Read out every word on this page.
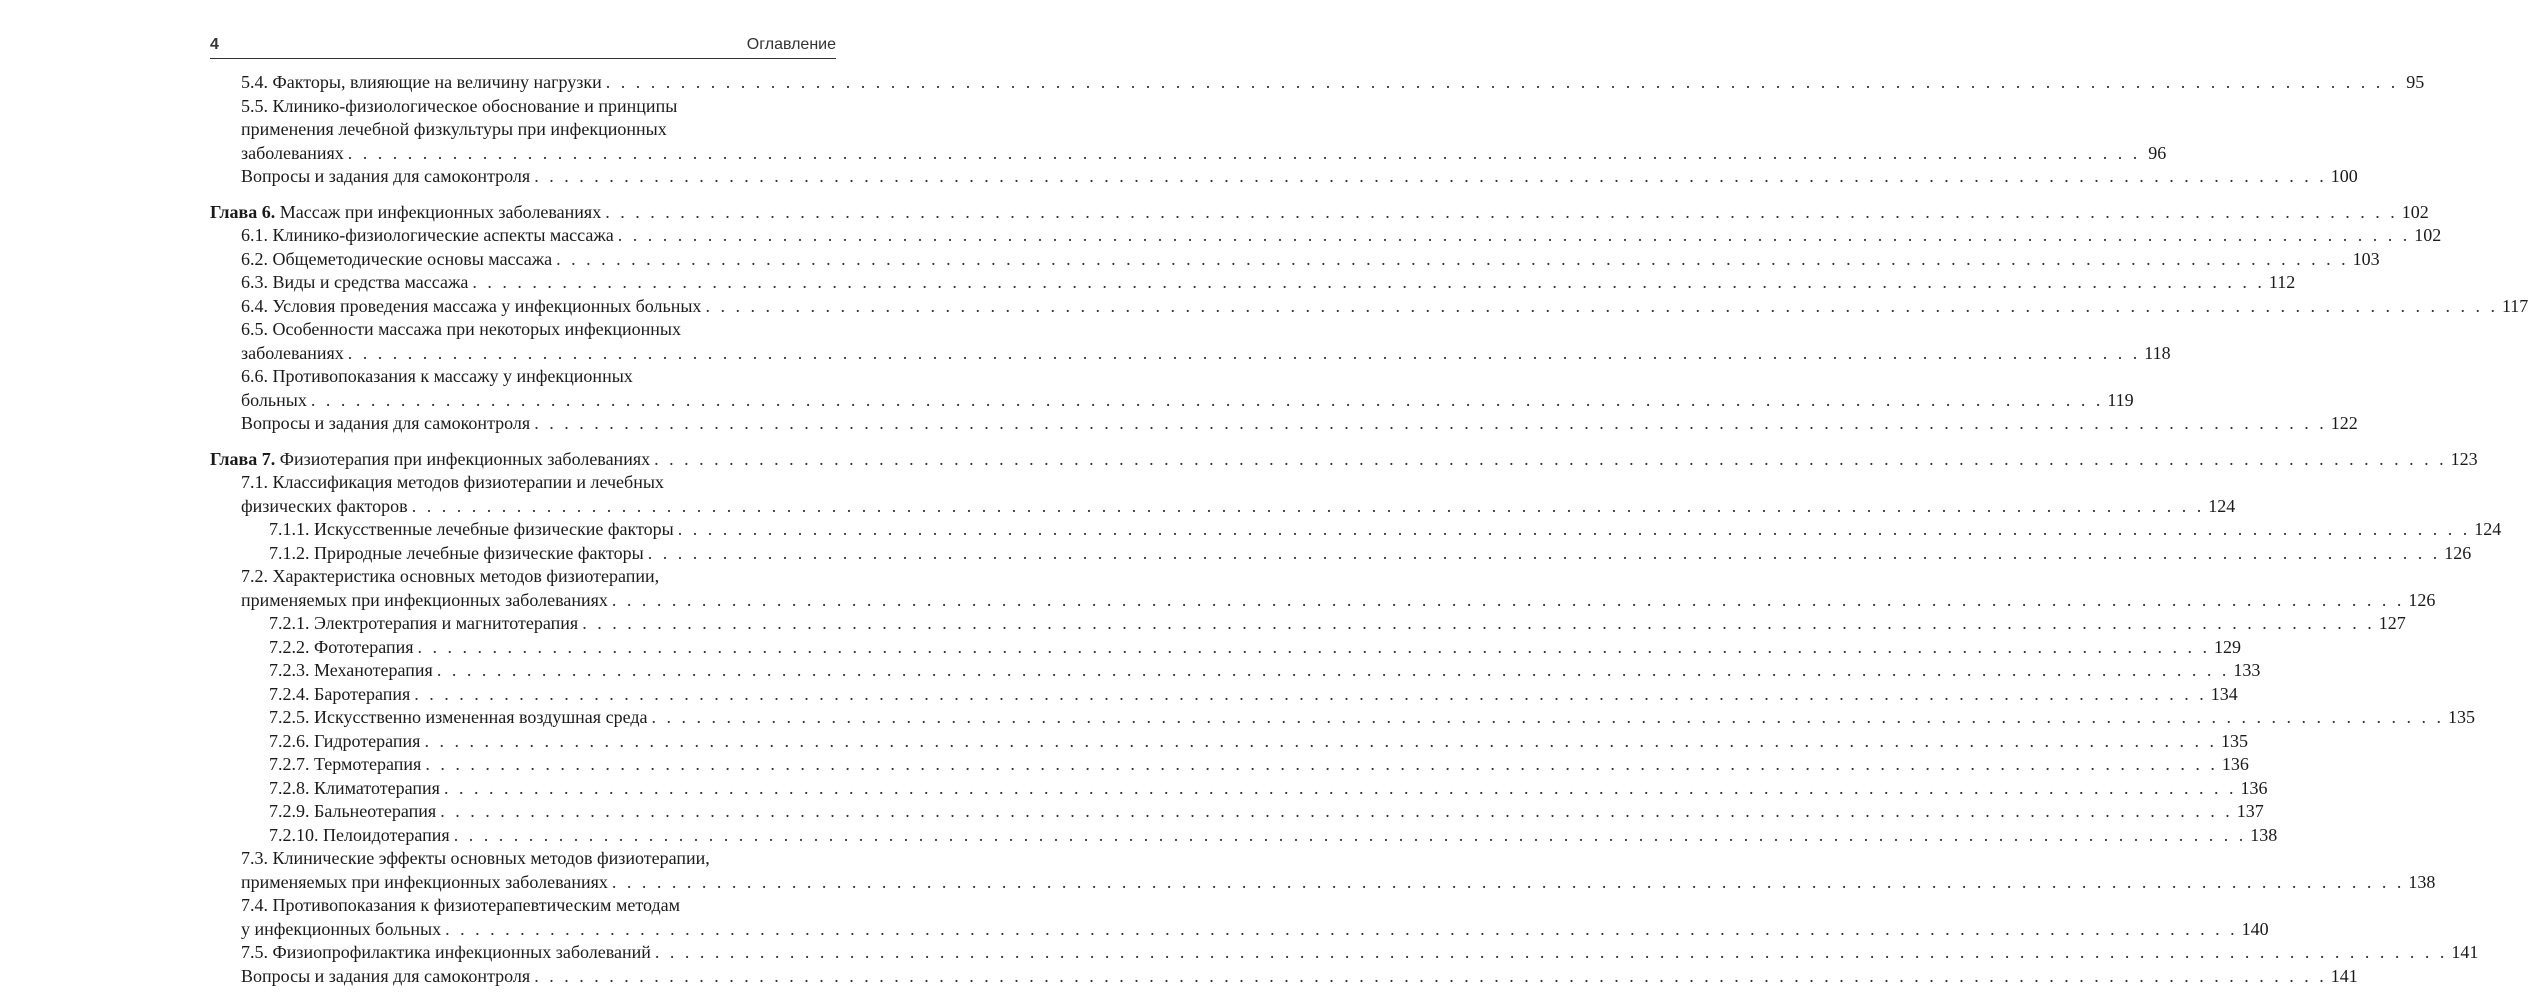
4	Оглавление
5.4. Факторы, влияющие на величину нагрузки . . . . . . . . . . . . . . . . . . . . . . . . . . . . . . . . . . . . . . . . . . . . . . . . . . . . . . . . . . . . . . . . . . . . . . . . . . . . . . . . . . . . . . . . . . . . . . . . . . . . . . . . . . . . . . . . . . . . . . . . 95
5.5. Клинико-физиологическое обоснование и принципы
применения лечебной физкультуры при инфекционных
заболеваниях . . . . . . . . . . . . . . . . . . . . . . . . . . . . . . . . . . . . . . . . . . . . . . . . . . . . . . . . . . . . . . . . . . . . . . . . . . . . . . . . . . . . . . . . . . . . . . . . . . . . . . . . . . . . . . . . . . . . . . . . 96
Вопросы и задания для самоконтроля . . . . . . . . . . . . . . . . . . . . . . . . . . . . . . . . . . . . . . . . . . . . . . . . . . . . . . . . . . . . . . . . . . . . . . . . . . . . . . . . . . . . . . . . . . . . . . . . . . . . . . . . . . . . . . . . . . . . . . . . 100
Глава 6. Массаж при инфекционных заболеваниях . . . . . . . . . . . . . . . . . . . . . . . . . . . . . . . . . . . . . . . . . . . . . . . . . . . . . . . . . . . . . . . . . . . . . . . . . . . . . . . . . . . . . . . . . . . . . . . . . . . . . . . . . . . . . . . . . . . . . . . . 102
6.1. Клинико-физиологические аспекты массажа . . . . . . . . . . . . . . . . . . . . . . . . . . . . . . . . . . . . . . . . . . . . . . . . . . . . . . . . . . . . . . . . . . . . . . . . . . . . . . . . . . . . . . . . . . . . . . . . . . . . . . . . . . . . . . . . . . . . . . . . 102
6.2. Общеметодические основы массажа . . . . . . . . . . . . . . . . . . . . . . . . . . . . . . . . . . . . . . . . . . . . . . . . . . . . . . . . . . . . . . . . . . . . . . . . . . . . . . . . . . . . . . . . . . . . . . . . . . . . . . . . . . . . . . . . . . . . . . . . 103
6.3. Виды и средства массажа . . . . . . . . . . . . . . . . . . . . . . . . . . . . . . . . . . . . . . . . . . . . . . . . . . . . . . . . . . . . . . . . . . . . . . . . . . . . . . . . . . . . . . . . . . . . . . . . . . . . . . . . . . . . . . . . . . . . . . . . 112
6.4. Условия проведения массажа у инфекционных больных . . . . . . . . . . . . . . . . . . . . . . . . . . . . . . . . . . . . . . . . . . . . . . . . . . . . . . . . . . . . . . . . . . . . . . . . . . . . . . . . . . . . . . . . . . . . . . . . . . . . . . . . . . . . . . . . . . . . . . . . 117
6.5. Особенности массажа при некоторых инфекционных
заболеваниях . . . . . . . . . . . . . . . . . . . . . . . . . . . . . . . . . . . . . . . . . . . . . . . . . . . . . . . . . . . . . . . . . . . . . . . . . . . . . . . . . . . . . . . . . . . . . . . . . . . . . . . . . . . . . . . . . . . . . . . . 118
6.6. Противопоказания к массажу у инфекционных
больных . . . . . . . . . . . . . . . . . . . . . . . . . . . . . . . . . . . . . . . . . . . . . . . . . . . . . . . . . . . . . . . . . . . . . . . . . . . . . . . . . . . . . . . . . . . . . . . . . . . . . . . . . . . . . . . . . . . . . . . . 119
Вопросы и задания для самоконтроля . . . . . . . . . . . . . . . . . . . . . . . . . . . . . . . . . . . . . . . . . . . . . . . . . . . . . . . . . . . . . . . . . . . . . . . . . . . . . . . . . . . . . . . . . . . . . . . . . . . . . . . . . . . . . . . . . . . . . . . . 122
Глава 7. Физиотерапия при инфекционных заболеваниях . . . . . . . . . . . . . . . . . . . . . . . . . . . . . . . . . . . . . . . . . . . . . . . . . . . . . . . . . . . . . . . . . . . . . . . . . . . . . . . . . . . . . . . . . . . . . . . . . . . . . . . . . . . . . . . . . . . . . . . . 123
7.1. Классификация методов физиотерапии и лечебных
физических факторов . . . . . . . . . . . . . . . . . . . . . . . . . . . . . . . . . . . . . . . . . . . . . . . . . . . . . . . . . . . . . . . . . . . . . . . . . . . . . . . . . . . . . . . . . . . . . . . . . . . . . . . . . . . . . . . . . . . . . . . . 124
7.1.1. Искусственные лечебные физические факторы . . . . . . . . . . . . . . . . . . . . . . . . . . . . . . . . . . . . . . . . . . . . . . . . . . . . . . . . . . . . . . . . . . . . . . . . . . . . . . . . . . . . . . . . . . . . . . . . . . . . . . . . . . . . . . . . . . . . . . . . 124
7.1.2. Природные лечебные физические факторы . . . . . . . . . . . . . . . . . . . . . . . . . . . . . . . . . . . . . . . . . . . . . . . . . . . . . . . . . . . . . . . . . . . . . . . . . . . . . . . . . . . . . . . . . . . . . . . . . . . . . . . . . . . . . . . . . . . . . . . . 126
7.2. Характеристика основных методов физиотерапии,
применяемых при инфекционных заболеваниях . . . . . . . . . . . . . . . . . . . . . . . . . . . . . . . . . . . . . . . . . . . . . . . . . . . . . . . . . . . . . . . . . . . . . . . . . . . . . . . . . . . . . . . . . . . . . . . . . . . . . . . . . . . . . . . . . . . . . . . . 126
7.2.1. Электротерапия и магнитотерапия . . . . . . . . . . . . . . . . . . . . . . . . . . . . . . . . . . . . . . . . . . . . . . . . . . . . . . . . . . . . . . . . . . . . . . . . . . . . . . . . . . . . . . . . . . . . . . . . . . . . . . . . . . . . . . . . . . . . . . . . 127
7.2.2. Фототерапия . . . . . . . . . . . . . . . . . . . . . . . . . . . . . . . . . . . . . . . . . . . . . . . . . . . . . . . . . . . . . . . . . . . . . . . . . . . . . . . . . . . . . . . . . . . . . . . . . . . . . . . . . . . . . . . . . . . . . . . . 129
7.2.3. Механотерапия . . . . . . . . . . . . . . . . . . . . . . . . . . . . . . . . . . . . . . . . . . . . . . . . . . . . . . . . . . . . . . . . . . . . . . . . . . . . . . . . . . . . . . . . . . . . . . . . . . . . . . . . . . . . . . . . . . . . . . . . 133
7.2.4. Баротерапия . . . . . . . . . . . . . . . . . . . . . . . . . . . . . . . . . . . . . . . . . . . . . . . . . . . . . . . . . . . . . . . . . . . . . . . . . . . . . . . . . . . . . . . . . . . . . . . . . . . . . . . . . . . . . . . . . . . . . . . . 134
7.2.5. Искусственно измененная воздушная среда . . . . . . . . . . . . . . . . . . . . . . . . . . . . . . . . . . . . . . . . . . . . . . . . . . . . . . . . . . . . . . . . . . . . . . . . . . . . . . . . . . . . . . . . . . . . . . . . . . . . . . . . . . . . . . . . . . . . . . . . 135
7.2.6. Гидротерапия . . . . . . . . . . . . . . . . . . . . . . . . . . . . . . . . . . . . . . . . . . . . . . . . . . . . . . . . . . . . . . . . . . . . . . . . . . . . . . . . . . . . . . . . . . . . . . . . . . . . . . . . . . . . . . . . . . . . . . . . 135
7.2.7. Термотерапия . . . . . . . . . . . . . . . . . . . . . . . . . . . . . . . . . . . . . . . . . . . . . . . . . . . . . . . . . . . . . . . . . . . . . . . . . . . . . . . . . . . . . . . . . . . . . . . . . . . . . . . . . . . . . . . . . . . . . . . . 136
7.2.8. Климатотерапия . . . . . . . . . . . . . . . . . . . . . . . . . . . . . . . . . . . . . . . . . . . . . . . . . . . . . . . . . . . . . . . . . . . . . . . . . . . . . . . . . . . . . . . . . . . . . . . . . . . . . . . . . . . . . . . . . . . . . . . . 136
7.2.9. Бальнеотерапия . . . . . . . . . . . . . . . . . . . . . . . . . . . . . . . . . . . . . . . . . . . . . . . . . . . . . . . . . . . . . . . . . . . . . . . . . . . . . . . . . . . . . . . . . . . . . . . . . . . . . . . . . . . . . . . . . . . . . . . . 137
7.2.10. Пелоидотерапия . . . . . . . . . . . . . . . . . . . . . . . . . . . . . . . . . . . . . . . . . . . . . . . . . . . . . . . . . . . . . . . . . . . . . . . . . . . . . . . . . . . . . . . . . . . . . . . . . . . . . . . . . . . . . . . . . . . . . . . . 138
7.3. Клинические эффекты основных методов физиотерапии,
применяемых при инфекционных заболеваниях . . . . . . . . . . . . . . . . . . . . . . . . . . . . . . . . . . . . . . . . . . . . . . . . . . . . . . . . . . . . . . . . . . . . . . . . . . . . . . . . . . . . . . . . . . . . . . . . . . . . . . . . . . . . . . . . . . . . . . . . 138
7.4. Противопоказания к физиотерапевтическим методам
у инфекционных больных . . . . . . . . . . . . . . . . . . . . . . . . . . . . . . . . . . . . . . . . . . . . . . . . . . . . . . . . . . . . . . . . . . . . . . . . . . . . . . . . . . . . . . . . . . . . . . . . . . . . . . . . . . . . . . . . . . . . . . . . 140
7.5. Физиопрофилактика инфекционных заболеваний . . . . . . . . . . . . . . . . . . . . . . . . . . . . . . . . . . . . . . . . . . . . . . . . . . . . . . . . . . . . . . . . . . . . . . . . . . . . . . . . . . . . . . . . . . . . . . . . . . . . . . . . . . . . . . . . . . . . . . . . 141
Вопросы и задания для самоконтроля . . . . . . . . . . . . . . . . . . . . . . . . . . . . . . . . . . . . . . . . . . . . . . . . . . . . . . . . . . . . . . . . . . . . . . . . . . . . . . . . . . . . . . . . . . . . . . . . . . . . . . . . . . . . . . . . . . . . . . . . 141
